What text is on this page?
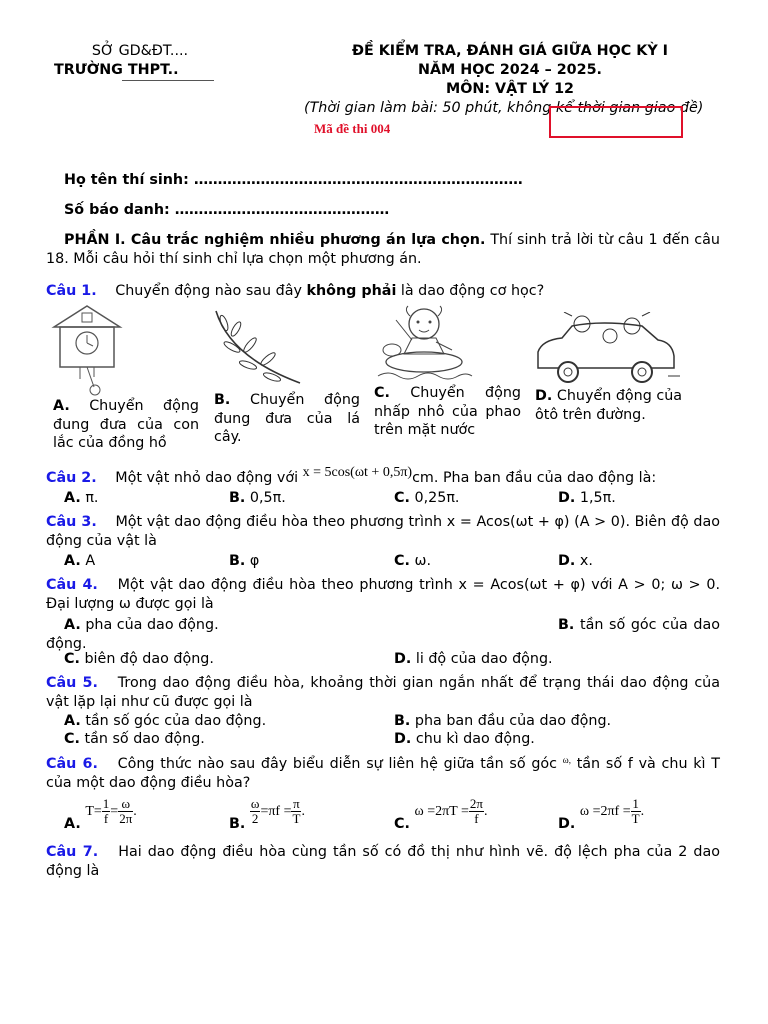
SỞ GD&ĐT....
TRƯỜNG THPT..
ĐỀ KIỂM TRA, ĐÁNH GIÁ GIỮA HỌC KỲ I
NĂM HỌC 2024 – 2025.
MÔN: VẬT LÝ 12
(Thời gian làm bài: 50 phút, không kể thời gian giao đề)
Mã đề thi 004
Họ tên thí sinh: ……………………………………………………………
Số báo danh: ………………………………………
PHẦN I. Câu trắc nghiệm nhiều phương án lựa chọn. Thí sinh trả lời từ câu 1 đến câu 18. Mỗi câu hỏi thí sinh chỉ lựa chọn một phương án.
Câu 1. Chuyển động nào sau đây không phải là dao động cơ học?
A. Chuyển động đung đưa của con lắc của đồng hồ
B. Chuyển động đung đưa của lá cây.
C. Chuyển động nhấp nhô của phao trên mặt nước
D. Chuyển động của ôtô trên đường.
Câu 2. Một vật nhỏ dao động với x = 5cos(ωt + 0,5π)cm. Pha ban đầu của dao động là:
A. π.	B. 0,5π.	C. 0,25π.	D. 1,5π.
Câu 3. Một vật dao động điều hòa theo phương trình x = Acos(ωt + φ) (A > 0). Biên độ dao động của vật là
A. A	B. φ	C. ω.	D. x.
Câu 4. Một vật dao động điều hòa theo phương trình x = Acos(ωt + φ) với A > 0; ω > 0. Đại lượng ω được gọi là
A. pha của dao động.	B. tần số góc của dao động.
C. biên độ dao động.	D. li độ của dao động.
Câu 5. Trong dao động điều hòa, khoảng thời gian ngắn nhất để trạng thái dao động của vật lặp lại như cũ được gọi là
A. tần số góc của dao động.	B. pha ban đầu của dao động.
C. tần số dao động.	D. chu kì dao động.
Câu 6. Công thức nào sau đây biểu diễn sự liên hệ giữa tần số góc $^{\omega,}$ tần số f và chu kì T của một dao động điều hòa?
A. $T= \frac{1}{f} = \frac{\omega}{2\pi}$ .
B. $\frac{\omega}{2} =\pi f = \frac{\pi}{T}$ .
C. $\omega =2\pi T = \frac{2\pi}{f}$ .
D. $\omega =2\pi f = \frac{1}{T}$ .
Câu 7. Hai dao động điều hòa cùng tần số có đồ thị như hình vẽ. độ lệch pha của 2 dao động là
